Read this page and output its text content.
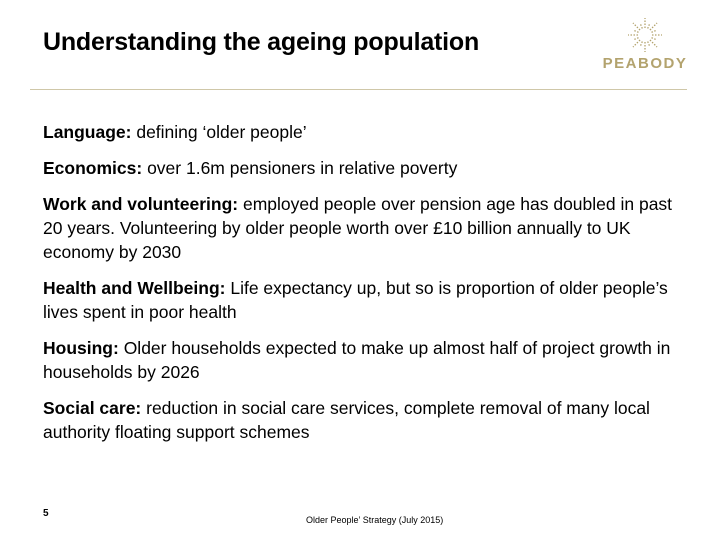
Understanding the ageing population
PEABODY
Language: defining ‘older people’
Economics: over 1.6m pensioners in relative poverty
Work and volunteering: employed people over pension age has doubled in past 20 years. Volunteering by older people worth over £10 billion annually to UK economy by 2030
Health and Wellbeing: Life expectancy up, but so is proportion of older people’s lives spent in poor health
Housing: Older households expected to make up almost half of project growth in households by 2026
Social care: reduction in social care services, complete removal of many local authority floating support schemes
5
Older People’ Strategy (July 2015)
